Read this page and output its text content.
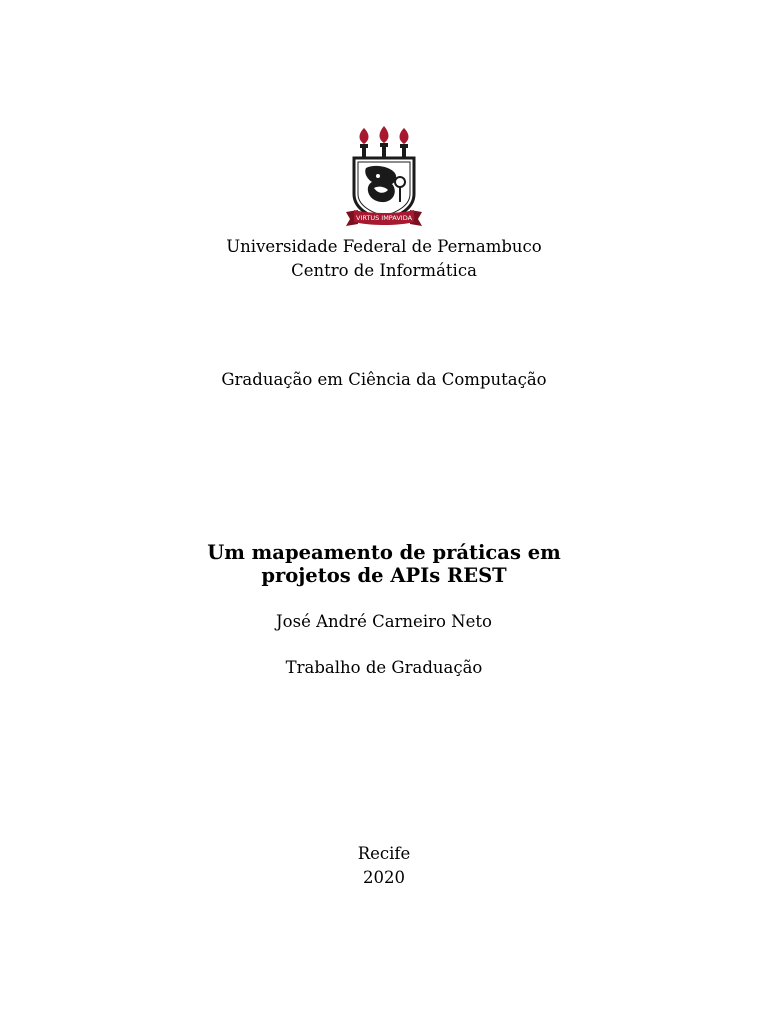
VIRTUS IMPAVIDA
Universidade Federal de Pernambuco
Centro de Informática
Graduação em Ciência da Computação
Um mapeamento de práticas em
projetos de APIs REST
José André Carneiro Neto
Trabalho de Graduação
Recife
2020
